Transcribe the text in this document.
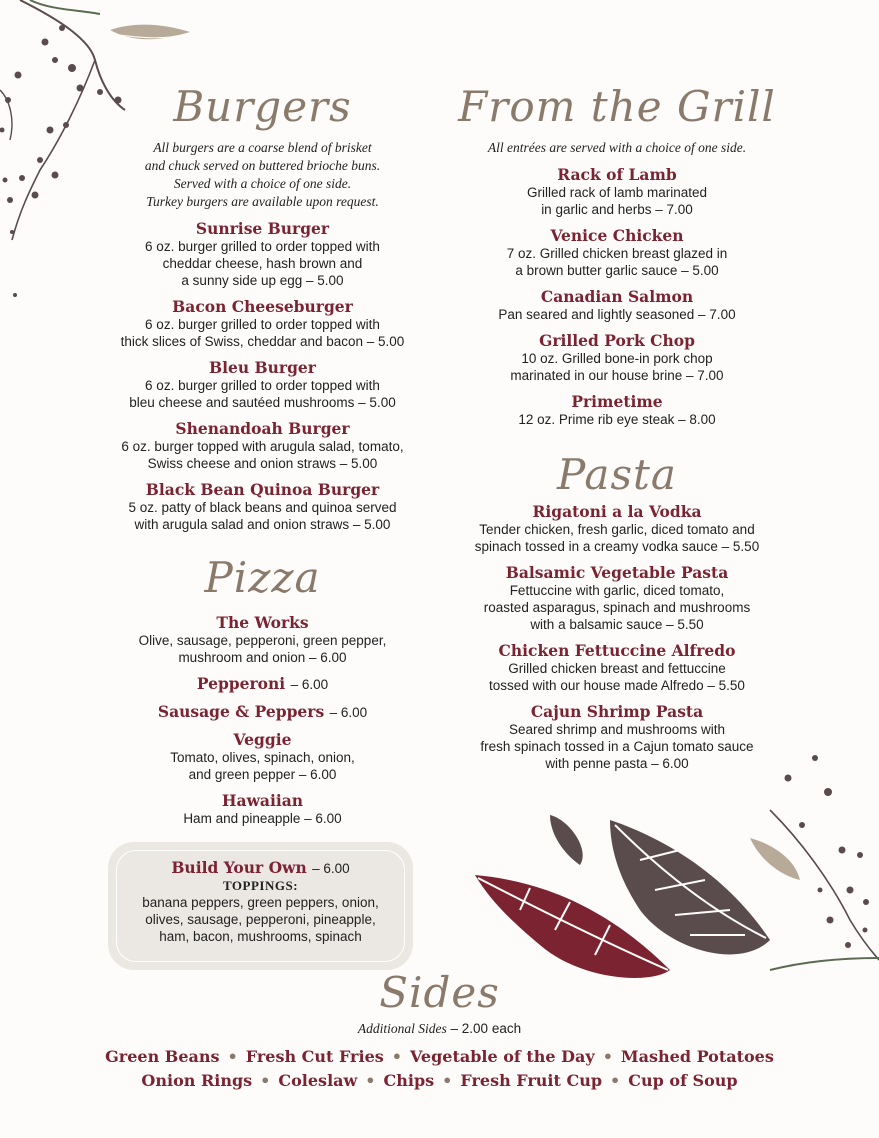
Burgers
All burgers are a coarse blend of brisket
and chuck served on buttered brioche buns.
Served with a choice of one side.
Turkey burgers are available upon request.
Sunrise Burger
6 oz. burger grilled to order topped with
cheddar cheese, hash brown and
a sunny side up egg – 5.00
Bacon Cheeseburger
6 oz. burger grilled to order topped with
thick slices of Swiss, cheddar and bacon – 5.00
Bleu Burger
6 oz. burger grilled to order topped with
bleu cheese and sautéed mushrooms – 5.00
Shenandoah Burger
6 oz. burger topped with arugula salad, tomato,
Swiss cheese and onion straws – 5.00
Black Bean Quinoa Burger
5 oz. patty of black beans and quinoa served
with arugula salad and onion straws – 5.00
Pizza
The Works
Olive, sausage, pepperoni, green pepper,
mushroom and onion – 6.00
Pepperoni – 6.00
Sausage & Peppers – 6.00
Veggie
Tomato, olives, spinach, onion,
and green pepper – 6.00
Hawaiian
Ham and pineapple – 6.00
Build Your Own – 6.00
TOPPINGS:
banana peppers, green peppers, onion,
olives, sausage, pepperoni, pineapple,
ham, bacon, mushrooms, spinach
From the Grill
All entrées are served with a choice of one side.
Rack of Lamb
Grilled rack of lamb marinated
in garlic and herbs – 7.00
Venice Chicken
7 oz. Grilled chicken breast glazed in
a brown butter garlic sauce – 5.00
Canadian Salmon
Pan seared and lightly seasoned – 7.00
Grilled Pork Chop
10 oz. Grilled bone-in pork chop
marinated in our house brine – 7.00
Primetime
12 oz. Prime rib eye steak – 8.00
Pasta
Rigatoni a la Vodka
Tender chicken, fresh garlic, diced tomato and
spinach tossed in a creamy vodka sauce – 5.50
Balsamic Vegetable Pasta
Fettuccine with garlic, diced tomato,
roasted asparagus, spinach and mushrooms
with a balsamic sauce – 5.50
Chicken Fettuccine Alfredo
Grilled chicken breast and fettuccine
tossed with our house made Alfredo – 5.50
Cajun Shrimp Pasta
Seared shrimp and mushrooms with
fresh spinach tossed in a Cajun tomato sauce
with penne pasta – 6.00
Sides
Additional Sides – 2.00 each
Green Beans • Fresh Cut Fries • Vegetable of the Day • Mashed Potatoes
Onion Rings • Coleslaw • Chips • Fresh Fruit Cup • Cup of Soup
